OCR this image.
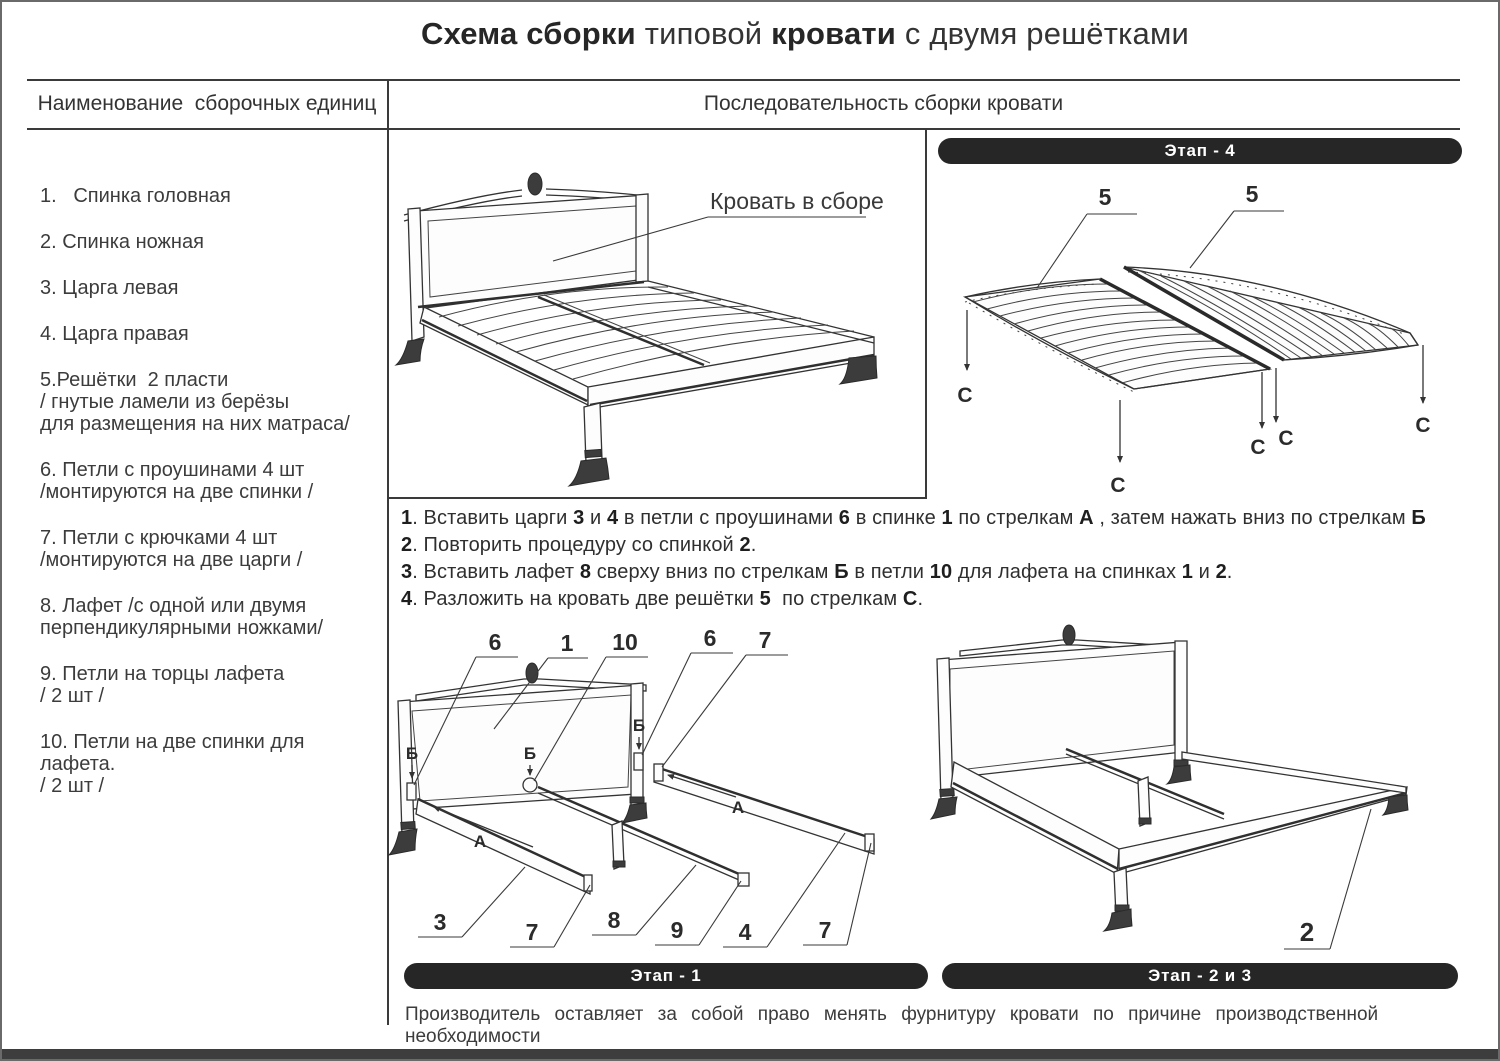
Схема сборки типовой кровати с двумя решётками
Наименование  сборочных единиц	Последовательность сборки кровати
1.   Спинка головная
2. Спинка ножная
3. Царга левая
4. Царга правая
5.Решётки  2 пласти
/ гнутые ламели из берёзы
для размещения на них матраса/
6. Петли с проушинами 4 шт
/монтируются на две спинки /
7. Петли с крючками 4 шт
/монтируются на две царги /
8. Лафет /с одной или двумя
перпендикулярными ножками/
9. Петли на торцы лафета
/ 2 шт /
10. Петли на две спинки для лафета.
/ 2 шт /
Кровать в сборе
Этап - 4
5	5
С
С
С С
С
Б	Б
Б
А
А
6	1 10	6 7
3	7	8 9 4	7
Этап - 1
2
Этап - 2 и 3
1. Вставить царги 3 и 4 в петли с проушинами 6 в спинке 1 по стрелкам А , затем нажать вниз по стрелкам Б
2. Повторить процедуру со спинкой 2.
3. Вставить лафет 8 сверху вниз по стрелкам Б в петли 10 для лафета на спинках 1 и 2.
4. Разложить на кровать две решётки 5  по стрелкам С.
Производитель оставляет за собой право менять фурнитуру кровати по причине производственной необходимости
